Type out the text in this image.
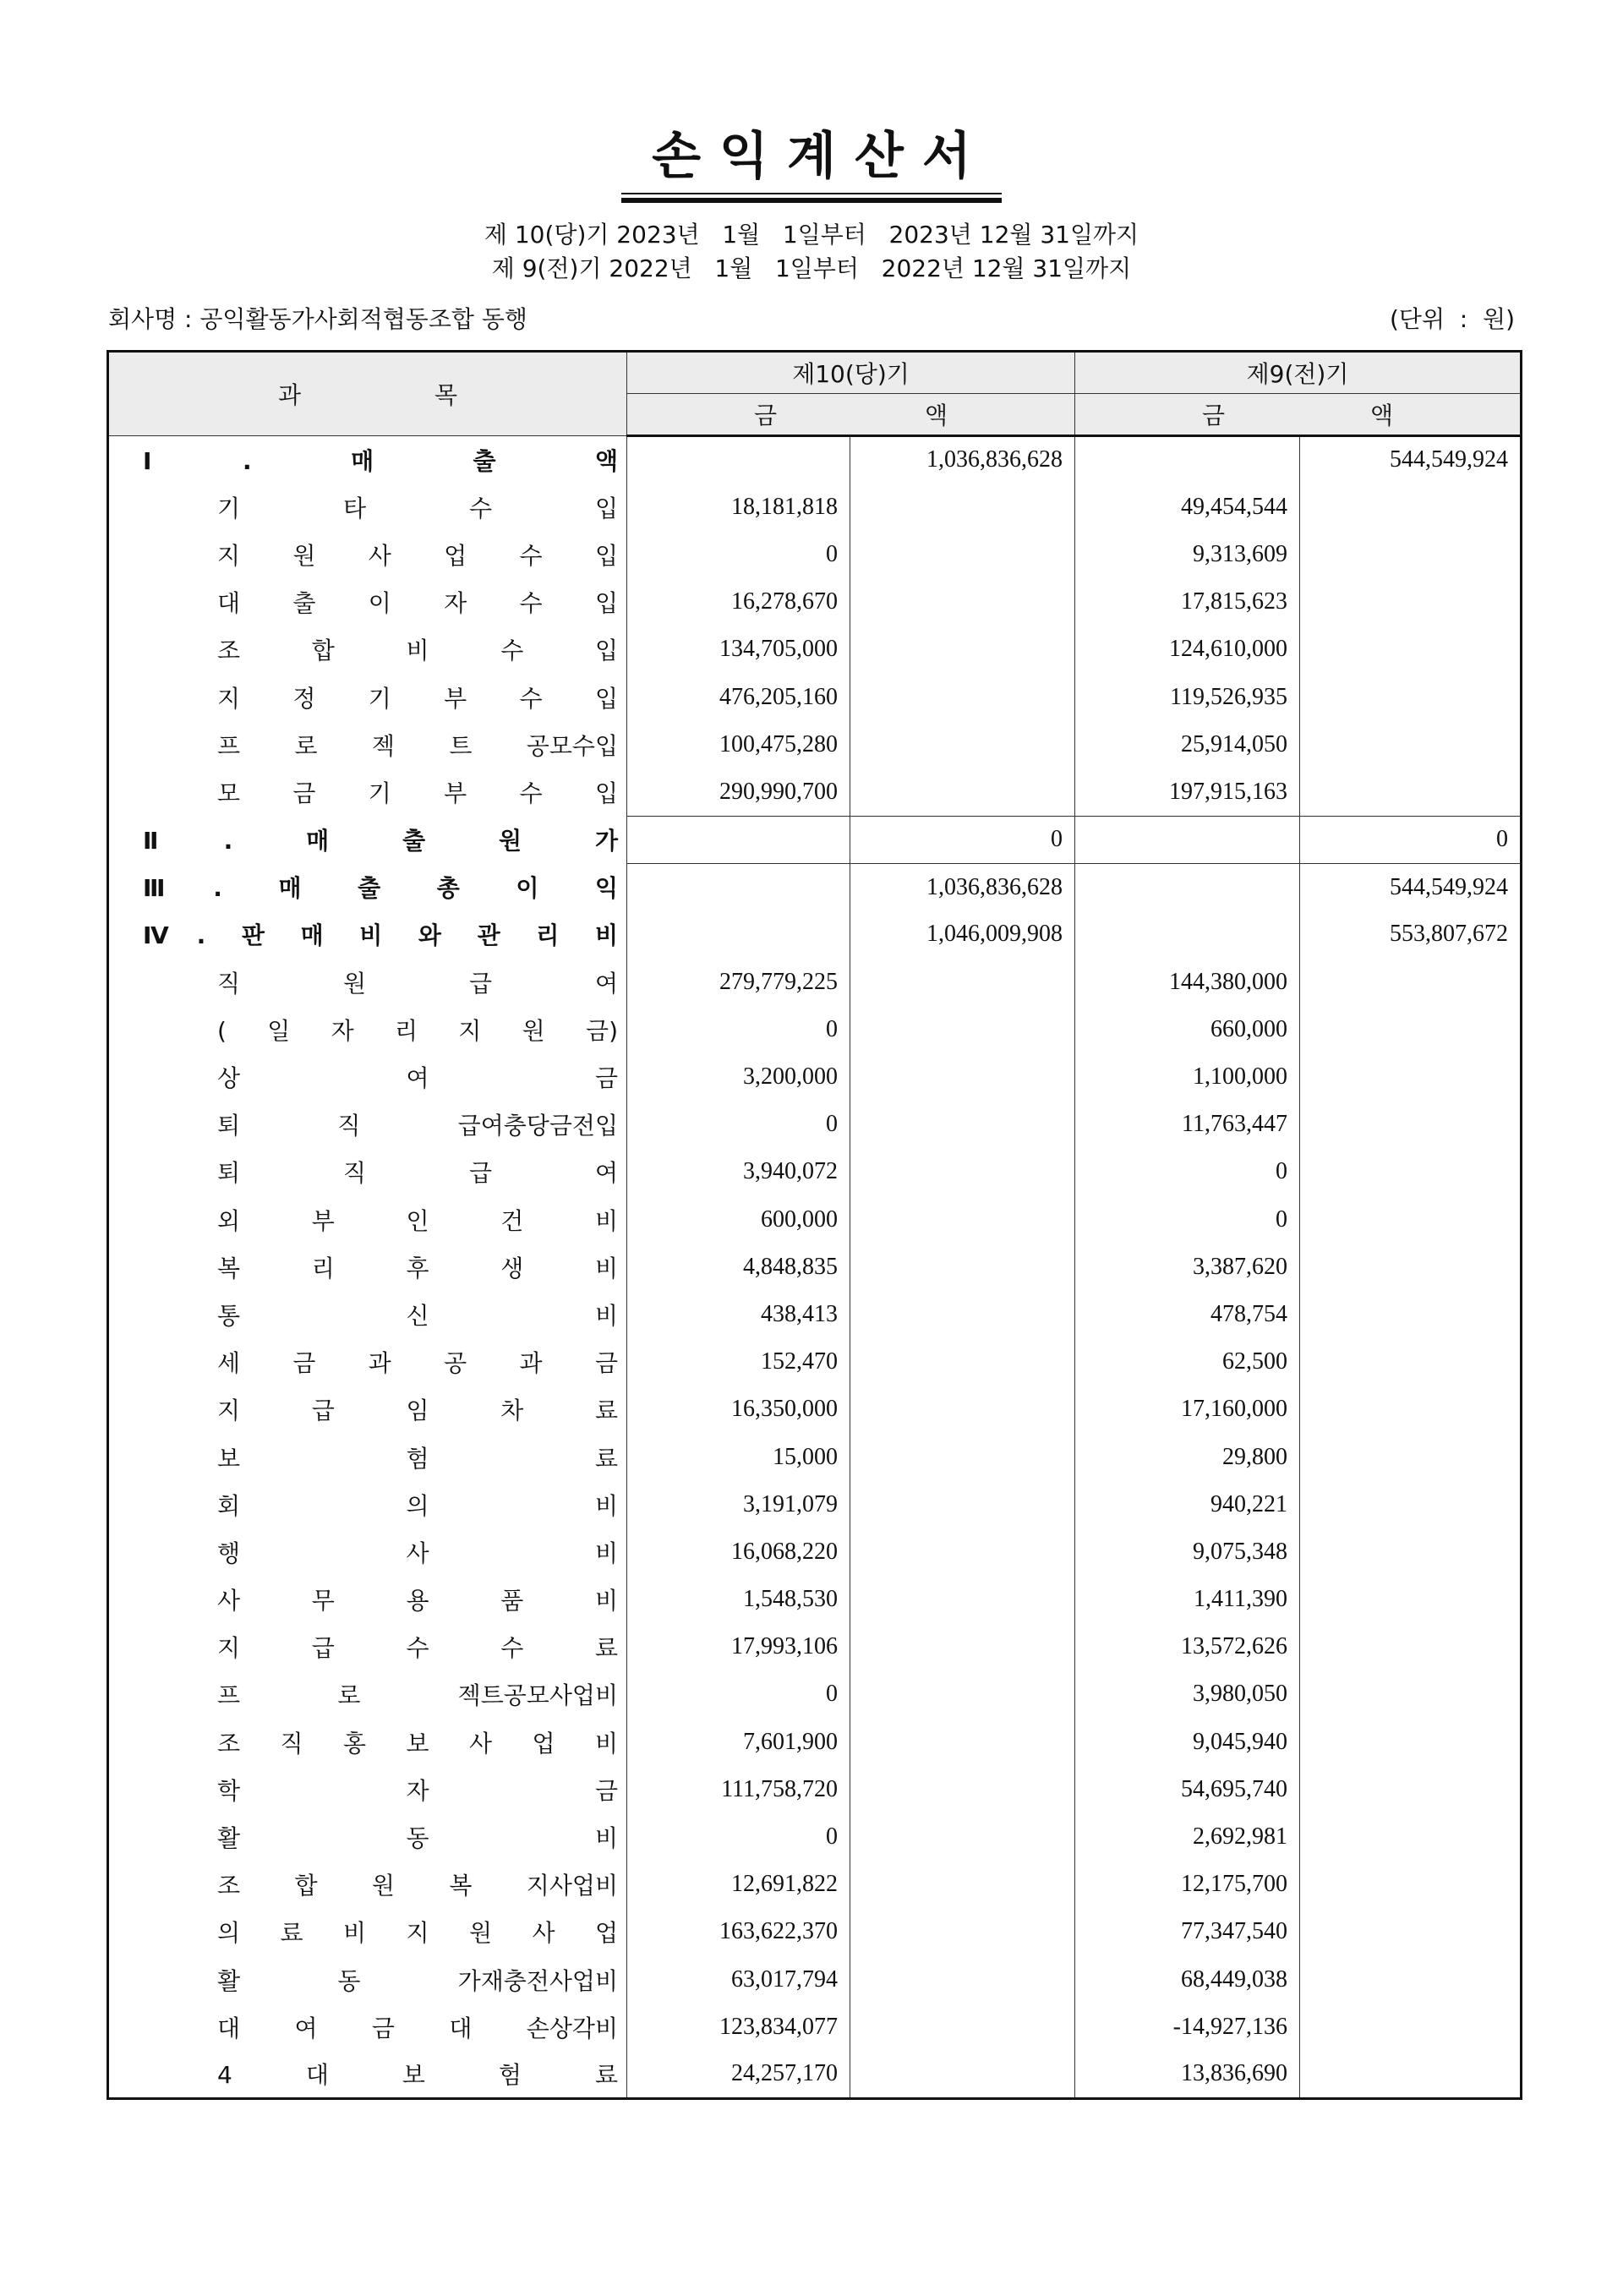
손익계산서
제 10(당)기 2023년   1월   1일부터   2023년 12월 31일까지
제 9(전)기 2022년   1월   1일부터   2022년 12월 31일까지
회사명 : 공익활동가사회적협동조합 동행	(단위  :  원)
과 목	제10(당)기		제9(전)기	

	금 액		금 액	

Ⅰ. 매 출 액		1,036,836,628		544,549,924
기 타 수 입	18,181,818		49,454,544	
지 원 사 업 수 입	0		9,313,609	
대 출 이 자 수 입	16,278,670		17,815,623	
조 합 비 수 입	134,705,000		124,610,000	
지 정 기 부 수 입	476,205,160		119,526,935	
프 로 젝 트 공모수입	100,475,280		25,914,050	
모 금 기 부 수 입	290,990,700		197,915,163	
Ⅱ. 매 출 원 가		0		0
Ⅲ. 매 출 총 이 익		1,036,836,628		544,549,924
Ⅳ. 판 매 비 와 관 리 비		1,046,009,908		553,807,672
직 원 급 여	279,779,225		144,380,000	
( 일 자 리 지 원 금)	0		660,000	
상 여 금	3,200,000		1,100,000	
퇴 직 급여충당금전입	0		11,763,447	
퇴 직 급 여	3,940,072		0	
외 부 인 건 비	600,000		0	
복 리 후 생 비	4,848,835		3,387,620	
통 신 비	438,413		478,754	
세 금 과 공 과 금	152,470		62,500	
지 급 임 차 료	16,350,000		17,160,000	
보 험 료	15,000		29,800	
회 의 비	3,191,079		940,221	
행 사 비	16,068,220		9,075,348	
사 무 용 품 비	1,548,530		1,411,390	
지 급 수 수 료	17,993,106		13,572,626	
프 로 젝트공모사업비	0		3,980,050	
조 직 홍 보 사 업 비	7,601,900		9,045,940	
학 자 금	111,758,720		54,695,740	
활 동 비	0		2,692,981	
조 합 원 복 지사업비	12,691,822		12,175,700	
의 료 비 지 원 사 업	163,622,370		77,347,540	
활 동 가재충전사업비	63,017,794		68,449,038	
대 여 금 대 손상각비	123,834,077		-14,927,136	
4 대 보 험 료	24,257,170		13,836,690	
